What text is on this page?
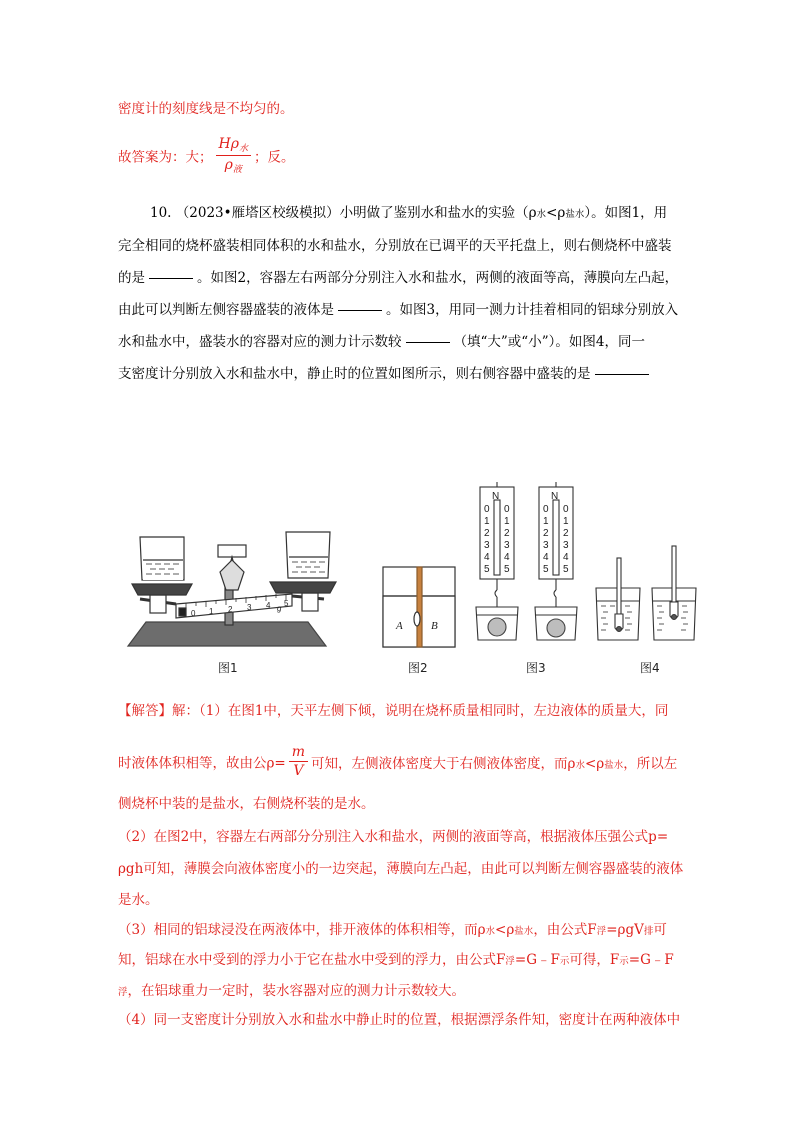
密度计的刻度线是不均匀的。
故答案为：大； $\frac{H\rho_水}{\rho_液}$ ；反。
10. （2023•雁塔区校级模拟）小明做了鉴别水和盐水的实验（ρ水<ρ盐水）。如图1，用
完全相同的烧杯盛装相同体积的水和盐水，分别放在已调平的天平托盘上，则右侧烧杯中盛装
的是	。如图2，容器左右两部分分别注入水和盐水，两侧的液面等高，薄膜向左凸起，
由此可以判断左侧容器盛装的液体是	。如图3，用同一测力计挂着相同的铝球分别放入
水和盐水中，盛装水的容器对应的测力计示数较	（填“大”或“小”）。如图4，同一
支密度计分别放入水和盐水中，静止时的位置如图所示，则右侧容器中盛装的是
0 1 2 3 4 5
g
A	B
N
0
1
2
3
4
5
0
1
2
3
4
5
N
0
1
2
3
4
5
0
1
2
3
4
5
图1	图2	图3	图4
【解答】解：（1）在图1中，天平左侧下倾，说明在烧杯质量相同时，左边液体的质量大，同
时液体体积相等，故由公$\rho= \frac{m}{V}$ 可知，左侧液体密度大于右侧液体密度，而ρ水<ρ盐水，所以左
侧烧杯中装的是盐水，右侧烧杯装的是水。
（2）在图2中，容器左右两部分分别注入水和盐水，两侧的液面等高，根据液体压强公式p=
ρgh可知，薄膜会向液体密度小的一边突起，薄膜向左凸起，由此可以判断左侧容器盛装的液体
是水。
（3）相同的铝球浸没在两液体中，排开液体的体积相等，而ρ水<ρ盐水，由公式F浮=ρgV排可
知，铝球在水中受到的浮力小于它在盐水中受到的浮力，由公式F浮=G﹣F示可得，F示=G﹣F
浮，在铝球重力一定时，装水容器对应的测力计示数较大。
（4）同一支密度计分别放入水和盐水中静止时的位置，根据漂浮条件知，密度计在两种液体中
